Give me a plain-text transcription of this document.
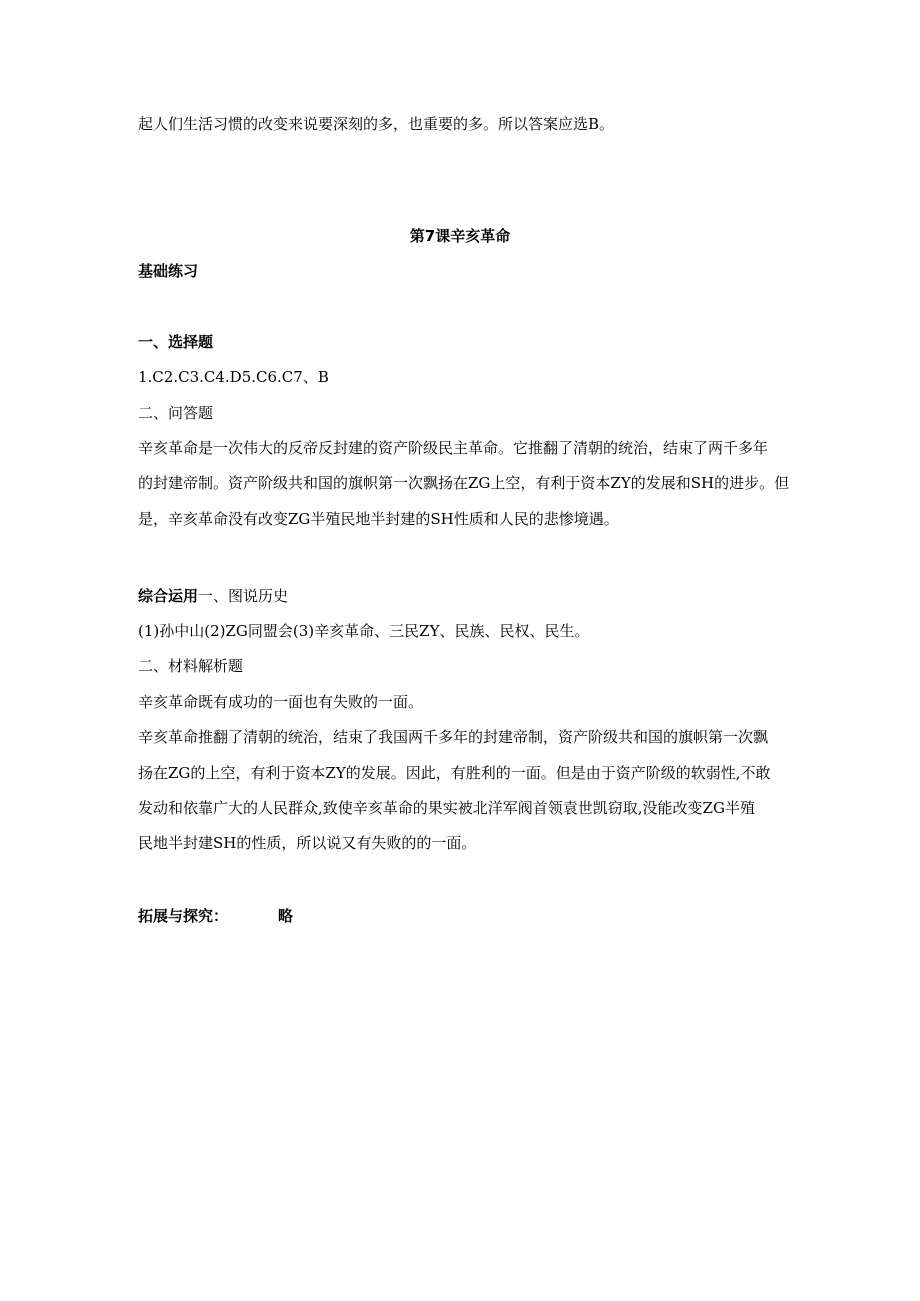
起人们生活习惯的改变来说要深刻的多，也重要的多。所以答案应选B。
第7课辛亥革命
基础练习
一、选择题
1.C2.C3.C4.D5.C6.C7、B
二、问答题
辛亥革命是一次伟大的反帝反封建的资产阶级民主革命。它推翻了清朝的统治，结束了两千多年
的封建帝制。资产阶级共和国的旗帜第一次飘扬在ZG上空，有利于资本ZY的发展和SH的进步。但
是，辛亥革命没有改变ZG半殖民地半封建的SH性质和人民的悲惨境遇。
综合运用一、图说历史
(1)孙中山(2)ZG同盟会(3)辛亥革命、三民ZY、民族、民权、民生。
二、材料解析题
辛亥革命既有成功的一面也有失败的一面。
辛亥革命推翻了清朝的统治，结束了我国两千多年的封建帝制，资产阶级共和国的旗帜第一次飘
扬在ZG的上空，有利于资本ZY的发展。因此，有胜利的一面。但是由于资产阶级的软弱性,不敢
发动和依靠广大的人民群众,致使辛亥革命的果实被北洋军阀首领袁世凯窃取,没能改变ZG半殖
民地半封建SH的性质，所以说又有失败的的一面。
拓展与探究：	略
